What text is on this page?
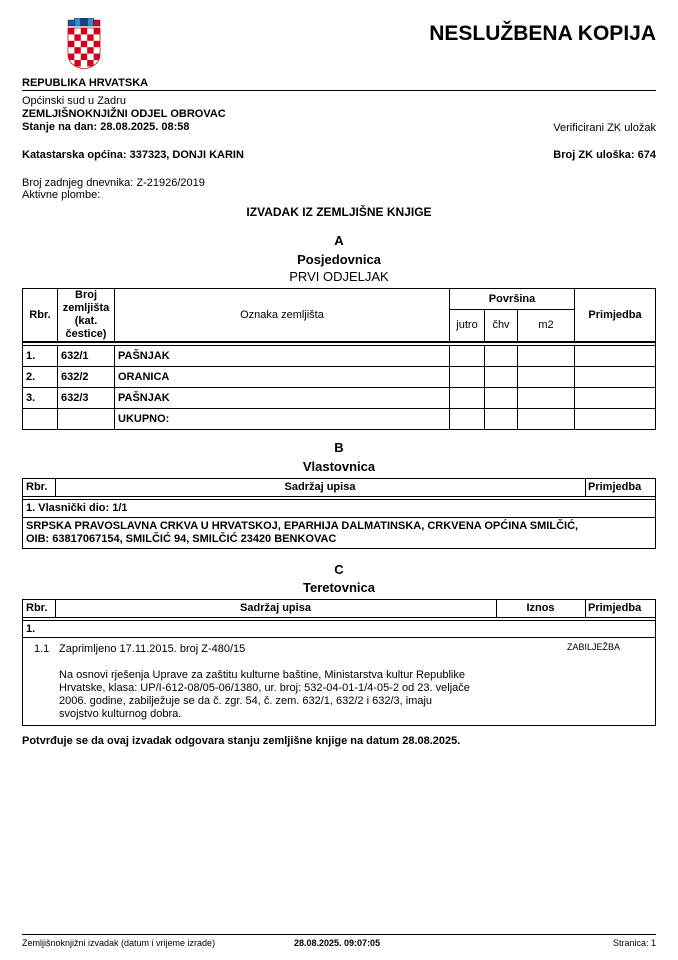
NESLUŽBENA KOPIJA
REPUBLIKA HRVATSKA
Općinski sud u Zadru
ZEMLJIŠNOKNJIŽNI ODJEL OBROVAC
Stanje na dan: 28.08.2025. 08:58	Verificirani ZK uložak
Katastarska općina: 337323, DONJI KARIN	Broj ZK uloška: 674
Broj zadnjeg dnevnika: Z-21926/2019
Aktivne plombe:
IZVADAK IZ ZEMLJIŠNE KNJIGE
A
Posjedovnica
PRVI ODJELJAK
Rbr.	Broj zemljišta (kat. čestice)	Oznaka zemljišta	Površina			Primjedba
			jutro	čhv	m2	

1.	632/1	PAŠNJAK				
2.	632/2	ORANICA				
3.	632/3	PAŠNJAK				
		UKUPNO:				
B
Vlastovnica
Rbr.	Sadržaj upisa	Primjedba
1. Vlasnički dio: 1/1
SRPSKA PRAVOSLAVNA CRKVA U HRVATSKOJ, EPARHIJA DALMATINSKA, CRKVENA OPĆINA SMILČIĆ, OIB: 63817067154, SMILČIĆ 94, SMILČIĆ 23420 BENKOVAC
C
Teretovnica
Rbr.	Sadržaj upisa	Iznos	Primjedba
1.
1.1 Zaprimljeno 17.11.2015. broj Z-480/15	ZABILJEŽBA
Na osnovi rješenja Uprave za zaštitu kulturne baštine, Ministarstva kultur Republike Hrvatske, klasa: UP/I-612-08/05-06/1380, ur. broj: 532-04-01-1/4-05-2 od 23. veljače 2006. godine, zabilježuje se da č. zgr. 54, č. zem. 632/1, 632/2 i 632/3, imaju svojstvo kulturnog dobra.
Potvrđuje se da ovaj izvadak odgovara stanju zemljišne knjige na datum 28.08.2025.
Zemljišnoknjižni izvadak (datum i vrijeme izrade)	28.08.2025. 09:07:05	Stranica: 1
